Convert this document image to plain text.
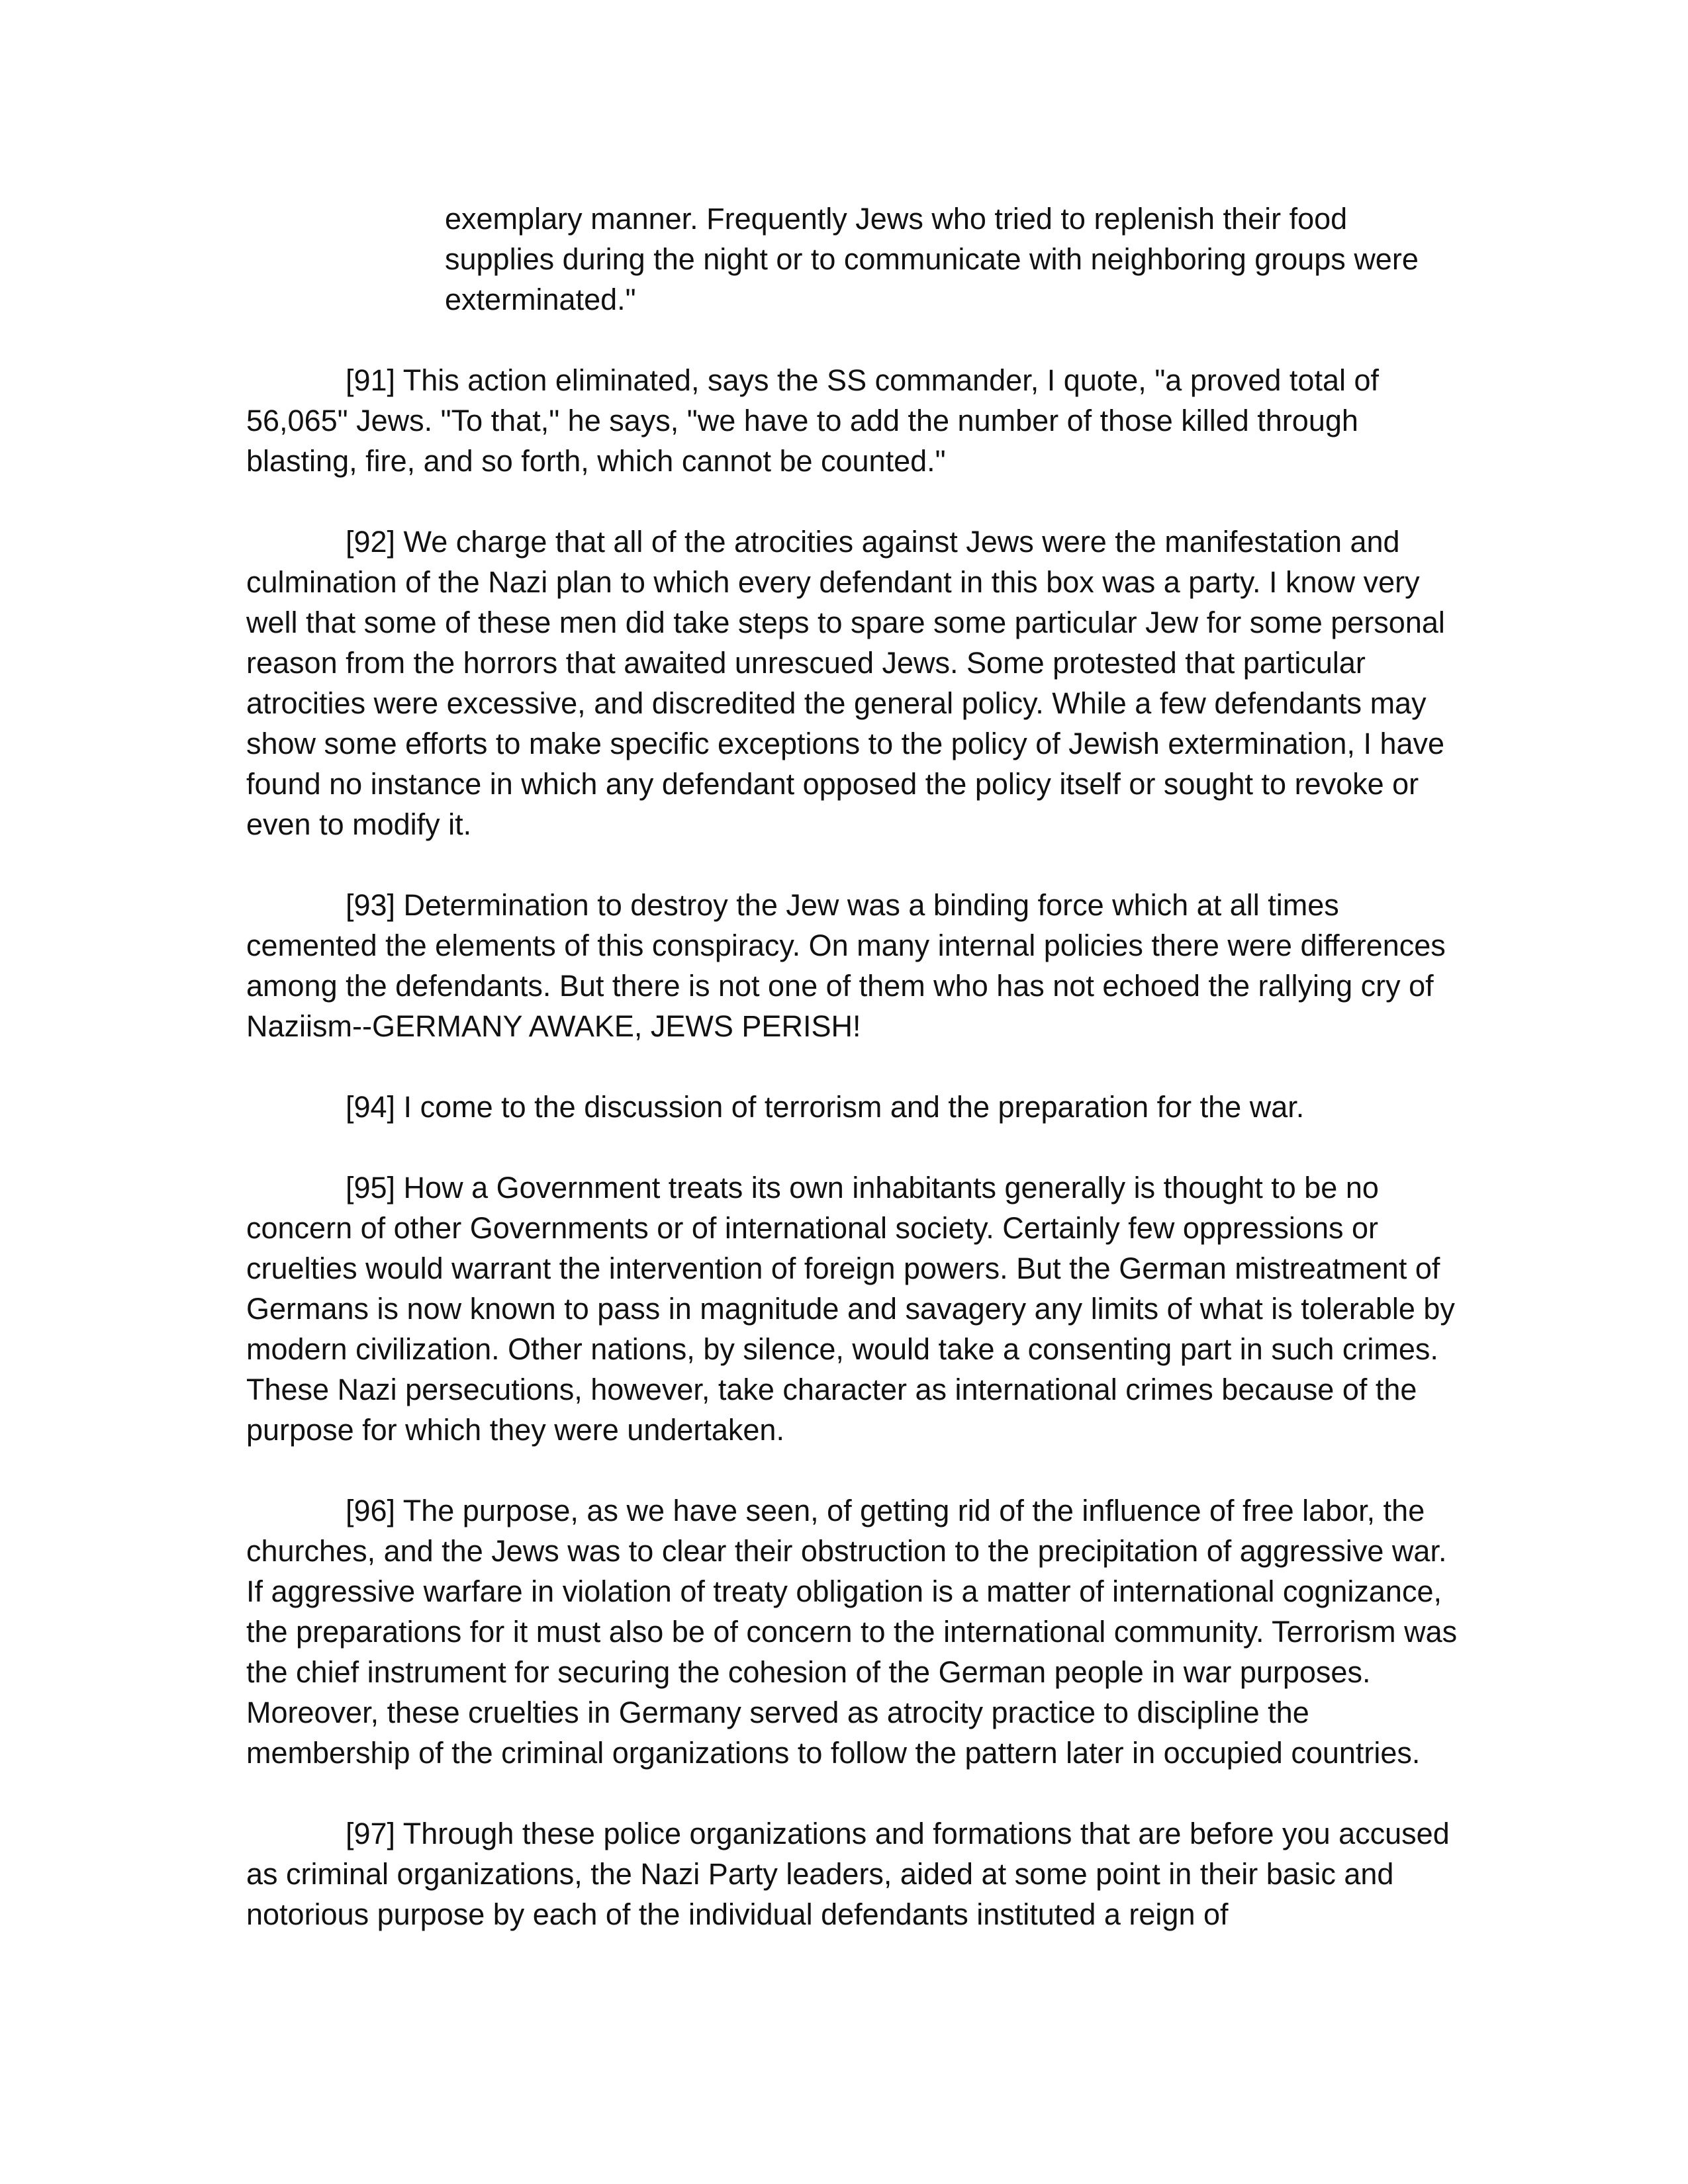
exemplary manner. Frequently Jews who tried to replenish their food supplies during the night or to communicate with neighboring groups were exterminated."

[91] This action eliminated, says the SS commander, I quote, "a proved total of 56,065" Jews. "To that," he says, "we have to add the number of those killed through blasting, fire, and so forth, which cannot be counted."

[92] We charge that all of the atrocities against Jews were the manifestation and culmination of the Nazi plan to which every defendant in this box was a party. I know very well that some of these men did take steps to spare some particular Jew for some personal reason from the horrors that awaited unrescued Jews. Some protested that particular atrocities were excessive, and discredited the general policy. While a few defendants may show some efforts to make specific exceptions to the policy of Jewish extermination, I have found no instance in which any defendant opposed the policy itself or sought to revoke or even to modify it.

[93] Determination to destroy the Jew was a binding force which at all times cemented the elements of this conspiracy. On many internal policies there were differences among the defendants. But there is not one of them who has not echoed the rallying cry of Naziism--GERMANY AWAKE, JEWS PERISH!

[94] I come to the discussion of terrorism and the preparation for the war.

[95] How a Government treats its own inhabitants generally is thought to be no concern of other Governments or of international society. Certainly few oppressions or cruelties would warrant the intervention of foreign powers. But the German mistreatment of Germans is now known to pass in magnitude and savagery any limits of what is tolerable by modern civilization. Other nations, by silence, would take a consenting part in such crimes. These Nazi persecutions, however, take character as international crimes because of the purpose for which they were undertaken.

[96] The purpose, as we have seen, of getting rid of the influence of free labor, the churches, and the Jews was to clear their obstruction to the precipitation of aggressive war. If aggressive warfare in violation of treaty obligation is a matter of international cognizance, the preparations for it must also be of concern to the international community. Terrorism was the chief instrument for securing the cohesion of the German people in war purposes. Moreover, these cruelties in Germany served as atrocity practice to discipline the membership of the criminal organizations to follow the pattern later in occupied countries.

[97] Through these police organizations and formations that are before you accused as criminal organizations, the Nazi Party leaders, aided at some point in their basic and notorious purpose by each of the individual defendants instituted a reign of
